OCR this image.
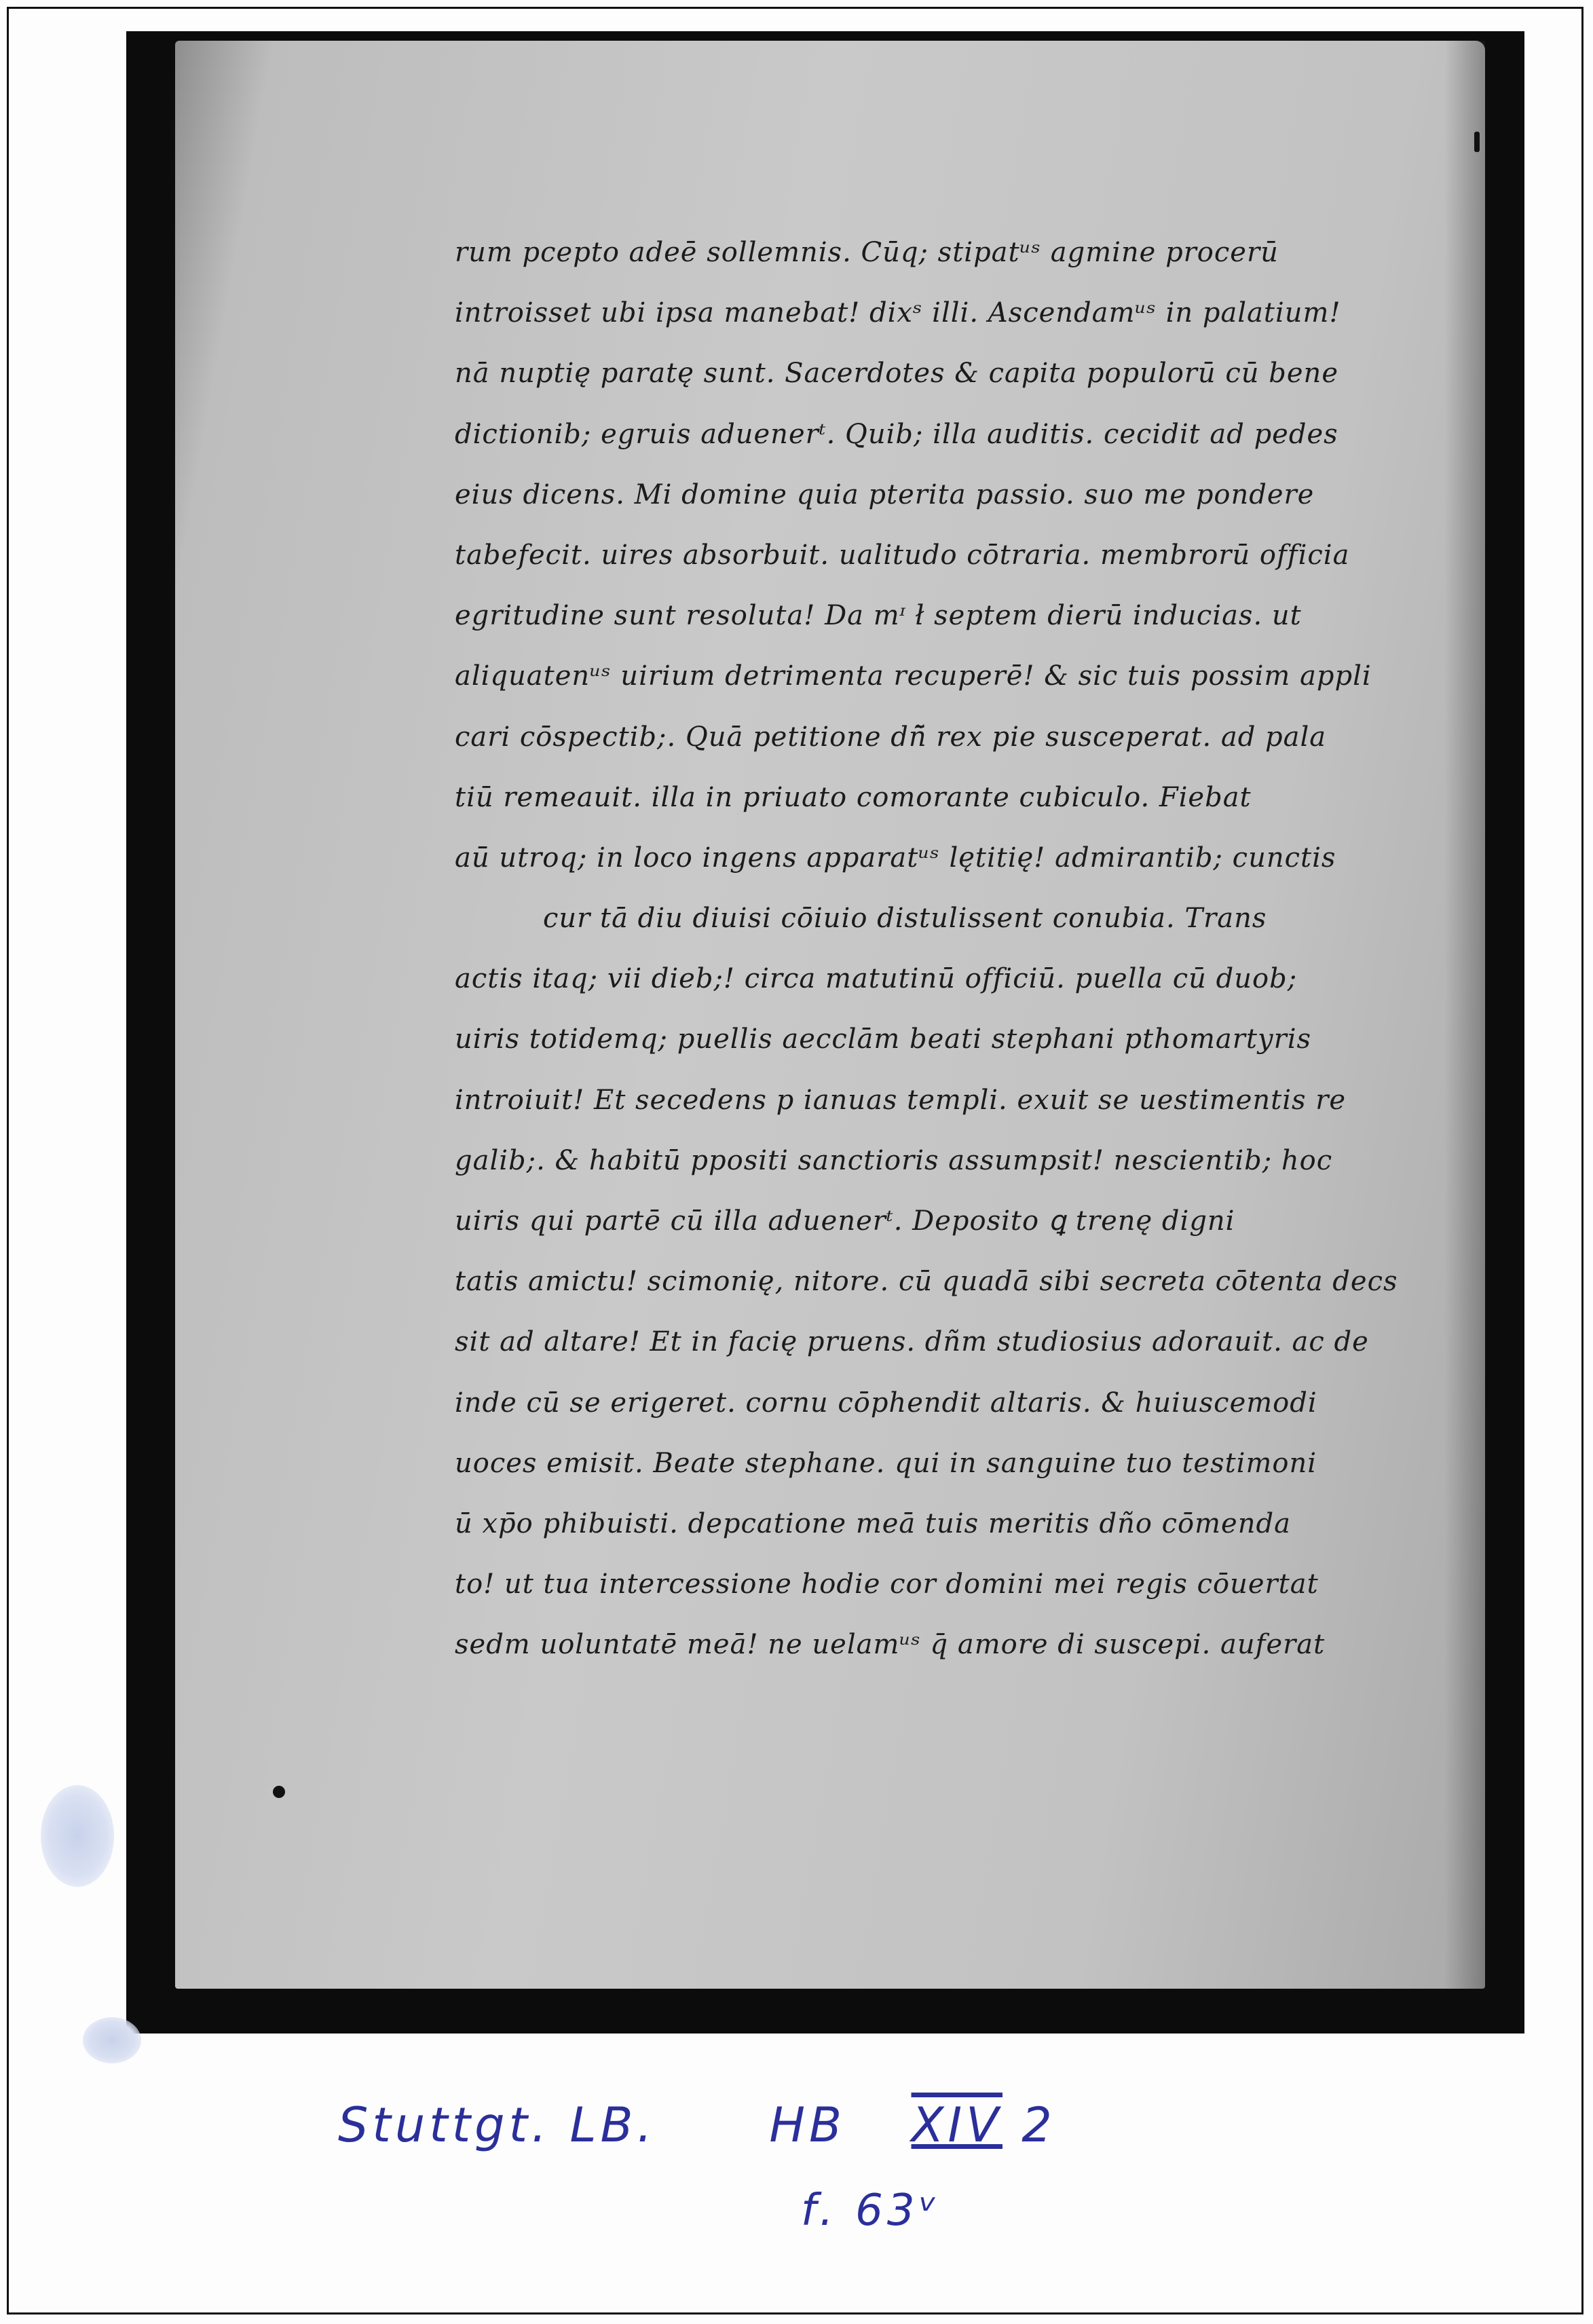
rum pcepto adeē sollemnis. Cūq; stipatᵘˢ agmine procerū
introisset ubi ipsa manebat! dixˢ illi. Ascendamᵘˢ in palatium!
nā nuptię paratę sunt. Sacerdotes & capita populorū cū bene
dictionib; egruis aduenerᵗ. Quib; illa auditis. cecidit ad pedes
eius dicens. Mi domine quia pterita passio. suo me pondere
tabefecit. uires absorbuit. ualitudo cōtraria. membrorū officia
egritudine sunt resoluta! Da mᶦ ł septem dierū inducias. ut
aliquatenᵘˢ uirium detrimenta recuperē! & sic tuis possim appli
cari cōspectib;. Quā petitione dñ̄ rex pie susceperat. ad pala
tiū remeauit. illa in priuato comorante cubiculo. Fiebat
aū̄ utroq; in loco ingens apparatᵘˢ lętitię! admirantib; cunctis
cur tā diu diuisi cōiuio distulissent conubia. Trans
actis itaq; vii dieb;! circa matutinū officiū. puella cū duob;
uiris totidemq; puellis aecclām beati stephani pthomartyris
introiuit! Et secedens p ianuas templi. exuit se uestimentis re
galib;. & habitū ppositi sanctioris assumpsit! nescientib; hoc
uiris qui partē cū illa aduenerᵗ. Deposito ꝗ trenę digni
tatis amictu! scimonię, nitore. cū quadā sibi secreta cōtenta decs
sit ad altare! Et in facię pruens. dñm studiosius adorauit. ac de
inde cū se erigeret. cornu cōphendit altaris. & huiuscemodi
uoces emisit. Beate stephane. qui in sanguine tuo testimoni
ū xp̄o phibuisti. depcatione meā tuis meritis dño cōmenda
to! ut tua intercessione hodie cor domini mei regis cōuertat
sedm uoluntatē meā! ne uelamᵘˢ q̄ amore di suscepi. auferat
Stuttgt. LB. HB XIV 2
f. 63ᵛ
